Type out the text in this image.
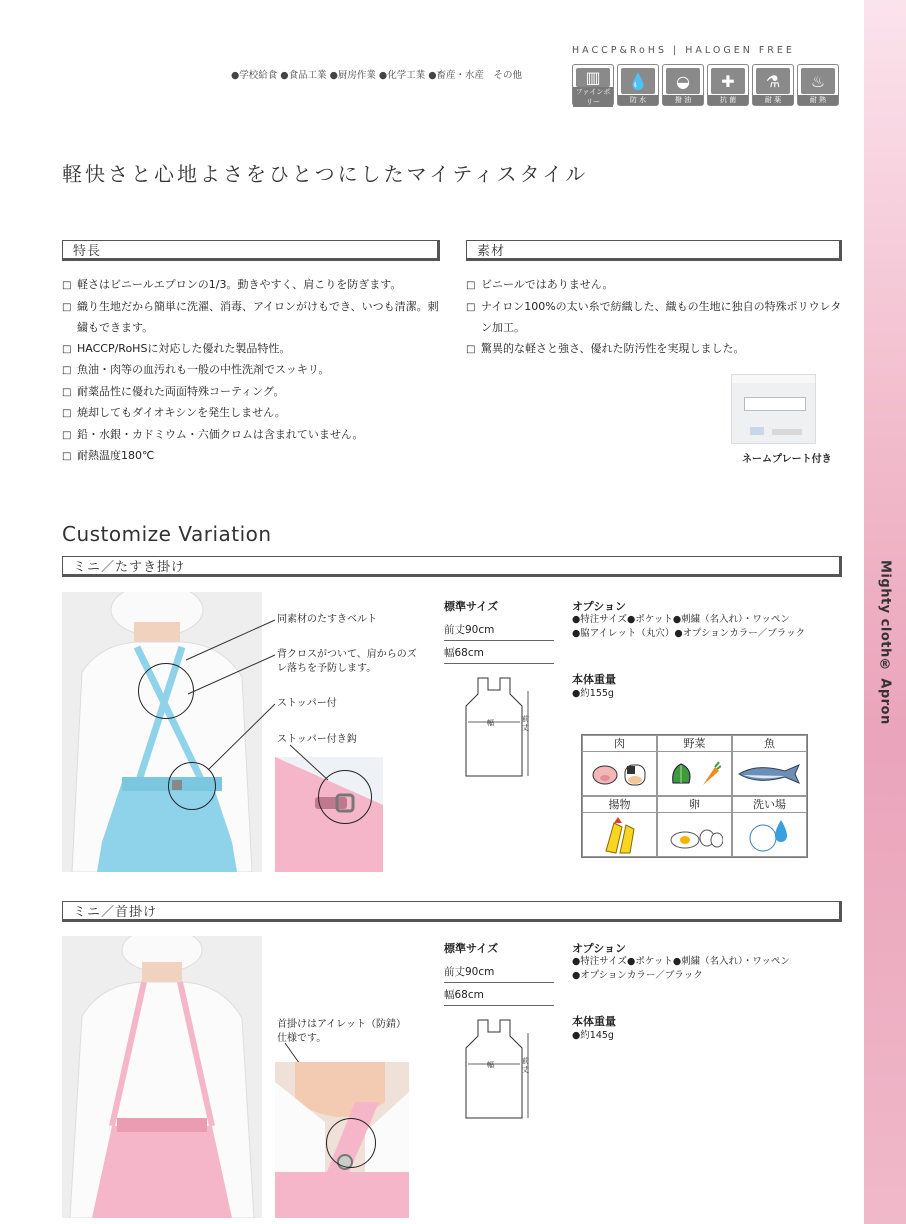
Mighty cloth® Apron
HACCP&RoHS | HALOGEN FREE
●学校給食 ●食品工業 ●厨房作業 ●化学工業 ●畜産・水産　その他	▥
ファインポリー
💧
防 水
◒
撥 油
✚
抗 菌
⚗
耐 薬
♨
耐 熱
軽快さと心地よさをひとつにしたマイティスタイル
特長
□ 軽さはビニールエプロンの1/3。動きやすく、肩こりを防ぎます。
□ 織り生地だから簡単に洗濯、消毒、アイロンがけもでき、いつも清潔。刺繍もできます。
□ HACCP/RoHSに対応した優れた製品特性。
□ 魚油・肉等の血汚れも一般の中性洗剤でスッキリ。
□ 耐薬品性に優れた両面特殊コーティング。
□ 焼却してもダイオキシンを発生しません。
□ 鉛・水銀・カドミウム・六価クロムは含まれていません。
□ 耐熱温度180℃
素材
□ ビニールではありません。
□ ナイロン100%の太い糸で紡織した、織もの生地に独自の特殊ポリウレタン加工。
□ 驚異的な軽さと強さ、優れた防汚性を実現しました。
ネームプレート付き
Customize Variation
ミニ／たすき掛け
同素材のたすきベルト
背クロスがついて、肩からのズレ落ちを予防します。
ストッパー付
ストッパー付き鈎
標準サイズ
前丈90cm
幅68cm
幅	前丈
オプション
●特注サイズ●ポケット●刺繍（名入れ）・ワッペン
●脇アイレット（丸穴）●オプションカラー／ブラック
本体重量
●約155g
肉	野菜	魚
揚物	卵	洗い場
ミニ／首掛け
首掛けはアイレット（防錆）仕様です。
標準サイズ
前丈90cm
幅68cm
幅	前丈
オプション
●特注サイズ●ポケット●刺繍（名入れ）・ワッペン
●オプションカラー／ブラック
本体重量
●約145g
